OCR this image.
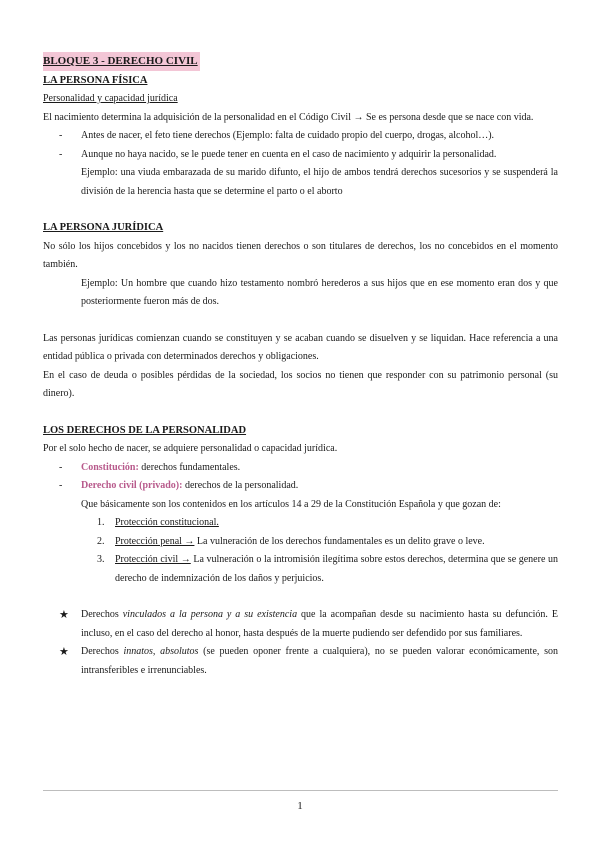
BLOQUE 3 - DERECHO CIVIL
LA PERSONA FÍSICA
Personalidad y capacidad jurídica

El nacimiento determina la adquisición de la personalidad en el Código Civil → Se es persona desde que se nace con vida.

- Antes de nacer, el feto tiene derechos (Ejemplo: falta de cuidado propio del cuerpo, drogas, alcohol…).
- Aunque no haya nacido, se le puede tener en cuenta en el caso de nacimiento y adquirir la personalidad.

Ejemplo: una viuda embarazada de su marido difunto, el hijo de ambos tendrá derechos sucesorios y se suspenderá la división de la herencia hasta que se determine el parto o el aborto

LA PERSONA JURÍDICA

No sólo los hijos concebidos y los no nacidos tienen derechos o son titulares de derechos, los no concebidos en el momento también.

Ejemplo: Un hombre que cuando hizo testamento nombró herederos a sus hijos que en ese momento eran dos y que posteriormente fueron más de dos.

Las personas jurídicas comienzan cuando se constituyen y se acaban cuando se disuelven y se liquidan. Hace referencia a una entidad pública o privada con determinados derechos y obligaciones.

En el caso de deuda o posibles pérdidas de la sociedad, los socios no tienen que responder con su patrimonio personal (su dinero).

LOS DERECHOS DE LA PERSONALIDAD

Por el solo hecho de nacer, se adquiere personalidad o capacidad jurídica.

- Constitución: derechos fundamentales.
- Derecho civil (privado): derechos de la personalidad.

Que básicamente son los contenidos en los artículos 14 a 29 de la Constitución Española y que gozan de:

1. Protección constitucional.
2. Protección penal → La vulneración de los derechos fundamentales es un delito grave o leve.
3. Protección civil → La vulneración o la intromisión ilegítima sobre estos derechos, determina que se genere un derecho de indemnización de los daños y perjuicios.
★ Derechos vinculados a la persona y a su existencia que la acompañan desde su nacimiento hasta su defunción. E incluso, en el caso del derecho al honor, hasta después de la muerte pudiendo ser defendido por sus familiares.
★ Derechos innatos, absolutos (se pueden oponer frente a cualquiera), no se pueden valorar económicamente, son intransferibles e irrenunciables.
1
